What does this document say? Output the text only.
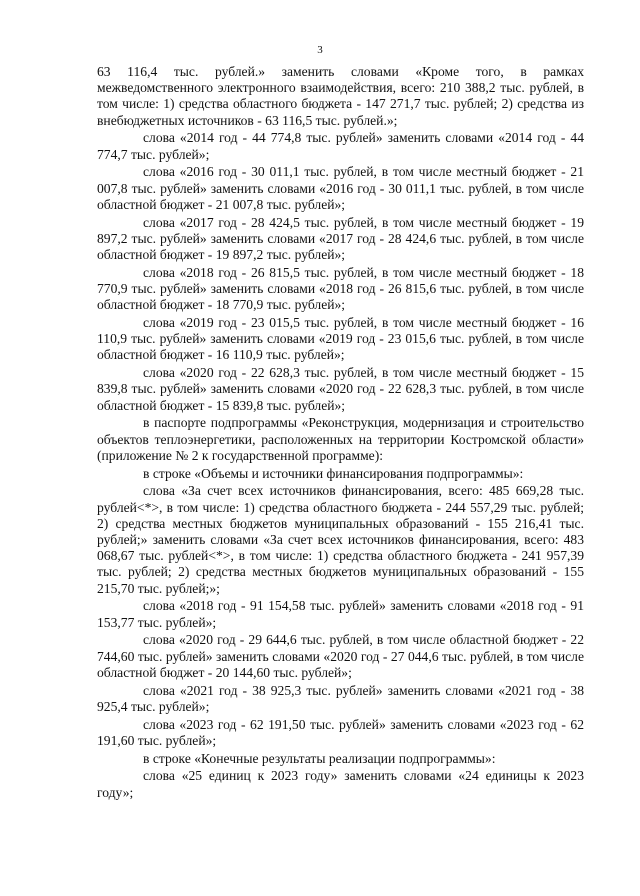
3

63 116,4 тыс. рублей.» заменить словами «Кроме того, в рамках межведомственного электронного взаимодействия, всего: 210 388,2 тыс. рублей, в том числе: 1) средства областного бюджета - 147 271,7 тыс. рублей; 2) средства из внебюджетных источников - 63 116,5 тыс. рублей.»;

слова «2014 год - 44 774,8 тыс. рублей» заменить словами «2014 год - 44 774,7 тыс. рублей»;

слова «2016 год - 30 011,1 тыс. рублей, в том числе местный бюджет - 21 007,8 тыс. рублей» заменить словами «2016 год - 30 011,1 тыс. рублей, в том числе областной бюджет - 21 007,8 тыс. рублей»;

слова «2017 год - 28 424,5 тыс. рублей, в том числе местный бюджет - 19 897,2 тыс. рублей» заменить словами «2017 год - 28 424,6 тыс. рублей, в том числе областной бюджет - 19 897,2 тыс. рублей»;

слова «2018 год - 26 815,5 тыс. рублей, в том числе местный бюджет - 18 770,9 тыс. рублей» заменить словами «2018 год - 26 815,6 тыс. рублей, в том числе областной бюджет - 18 770,9 тыс. рублей»;

слова «2019 год - 23 015,5 тыс. рублей, в том числе местный бюджет - 16 110,9 тыс. рублей» заменить словами «2019 год - 23 015,6 тыс. рублей, в том числе областной бюджет - 16 110,9 тыс. рублей»;

слова «2020 год - 22 628,3 тыс. рублей, в том числе местный бюджет - 15 839,8 тыс. рублей» заменить словами «2020 год - 22 628,3 тыс. рублей, в том числе областной бюджет - 15 839,8 тыс. рублей»;

в паспорте подпрограммы «Реконструкция, модернизация и строительство объектов теплоэнергетики, расположенных на территории Костромской области» (приложение № 2 к государственной программе):

в строке «Объемы и источники финансирования подпрограммы»:

слова «За счет всех источников финансирования, всего: 485 669,28 тыс. рублей<*>, в том числе: 1) средства областного бюджета - 244 557,29 тыс. рублей; 2) средства местных бюджетов муниципальных образований - 155 216,41 тыс. рублей;» заменить словами «За счет всех источников финансирования, всего: 483 068,67 тыс. рублей<*>, в том числе: 1) средства областного бюджета - 241 957,39 тыс. рублей; 2) средства местных бюджетов муниципальных образований - 155 215,70 тыс. рублей;»;

слова «2018 год - 91 154,58 тыс. рублей» заменить словами «2018 год - 91 153,77 тыс. рублей»;

слова «2020 год - 29 644,6 тыс. рублей, в том числе областной бюджет - 22 744,60 тыс. рублей» заменить словами «2020 год - 27 044,6 тыс. рублей, в том числе областной бюджет - 20 144,60 тыс. рублей»;

слова «2021 год - 38 925,3 тыс. рублей» заменить словами «2021 год - 38 925,4 тыс. рублей»;

слова «2023 год - 62 191,50 тыс. рублей» заменить словами «2023 год - 62 191,60 тыс. рублей»;

в строке «Конечные результаты реализации подпрограммы»:

слова «25 единиц к 2023 году» заменить словами «24 единицы к 2023 году»;
